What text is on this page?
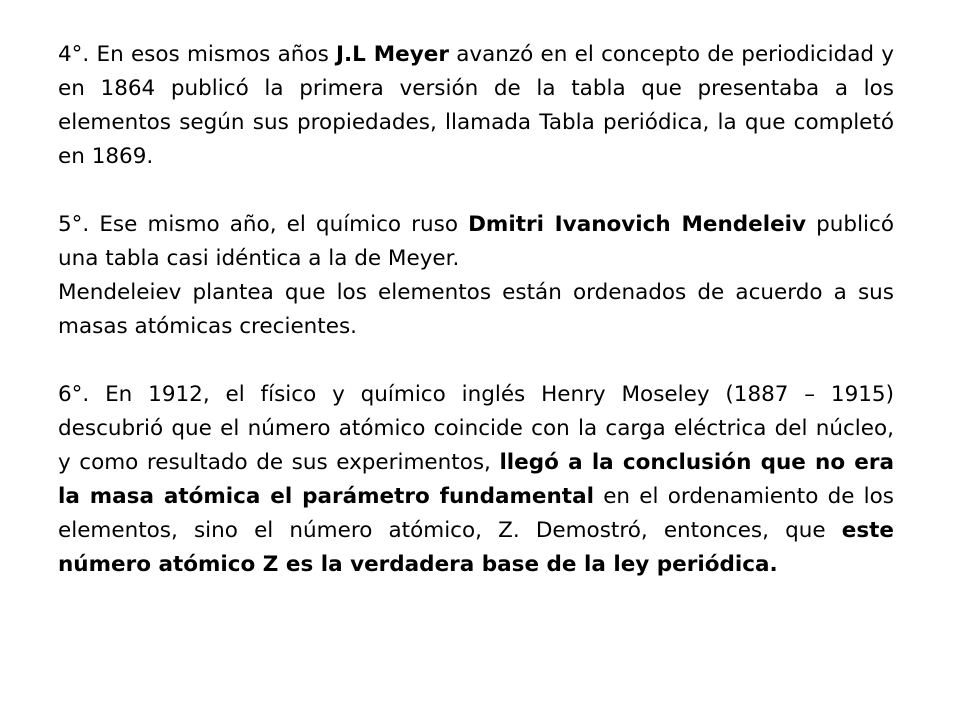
4°. En esos mismos años J.L Meyer avanzó en el concepto de periodicidad y en 1864 publicó la primera versión de la tabla que presentaba a los elementos según sus propiedades, llamada Tabla periódica, la que completó en 1869.

5°. Ese mismo año, el químico ruso Dmitri Ivanovich Mendeleiv publicó una tabla casi idéntica a la de Meyer.

Mendeleiev plantea que los elementos están ordenados de acuerdo a sus masas atómicas crecientes.

6°. En 1912, el físico y químico inglés Henry Moseley (1887 – 1915) descubrió que el número atómico coincide con la carga eléctrica del núcleo, y como resultado de sus experimentos, llegó a la conclusión que no era la masa atómica el parámetro fundamental en el ordenamiento de los elementos, sino el número atómico, Z. Demostró, entonces, que este número atómico Z es la verdadera base de la ley periódica.
